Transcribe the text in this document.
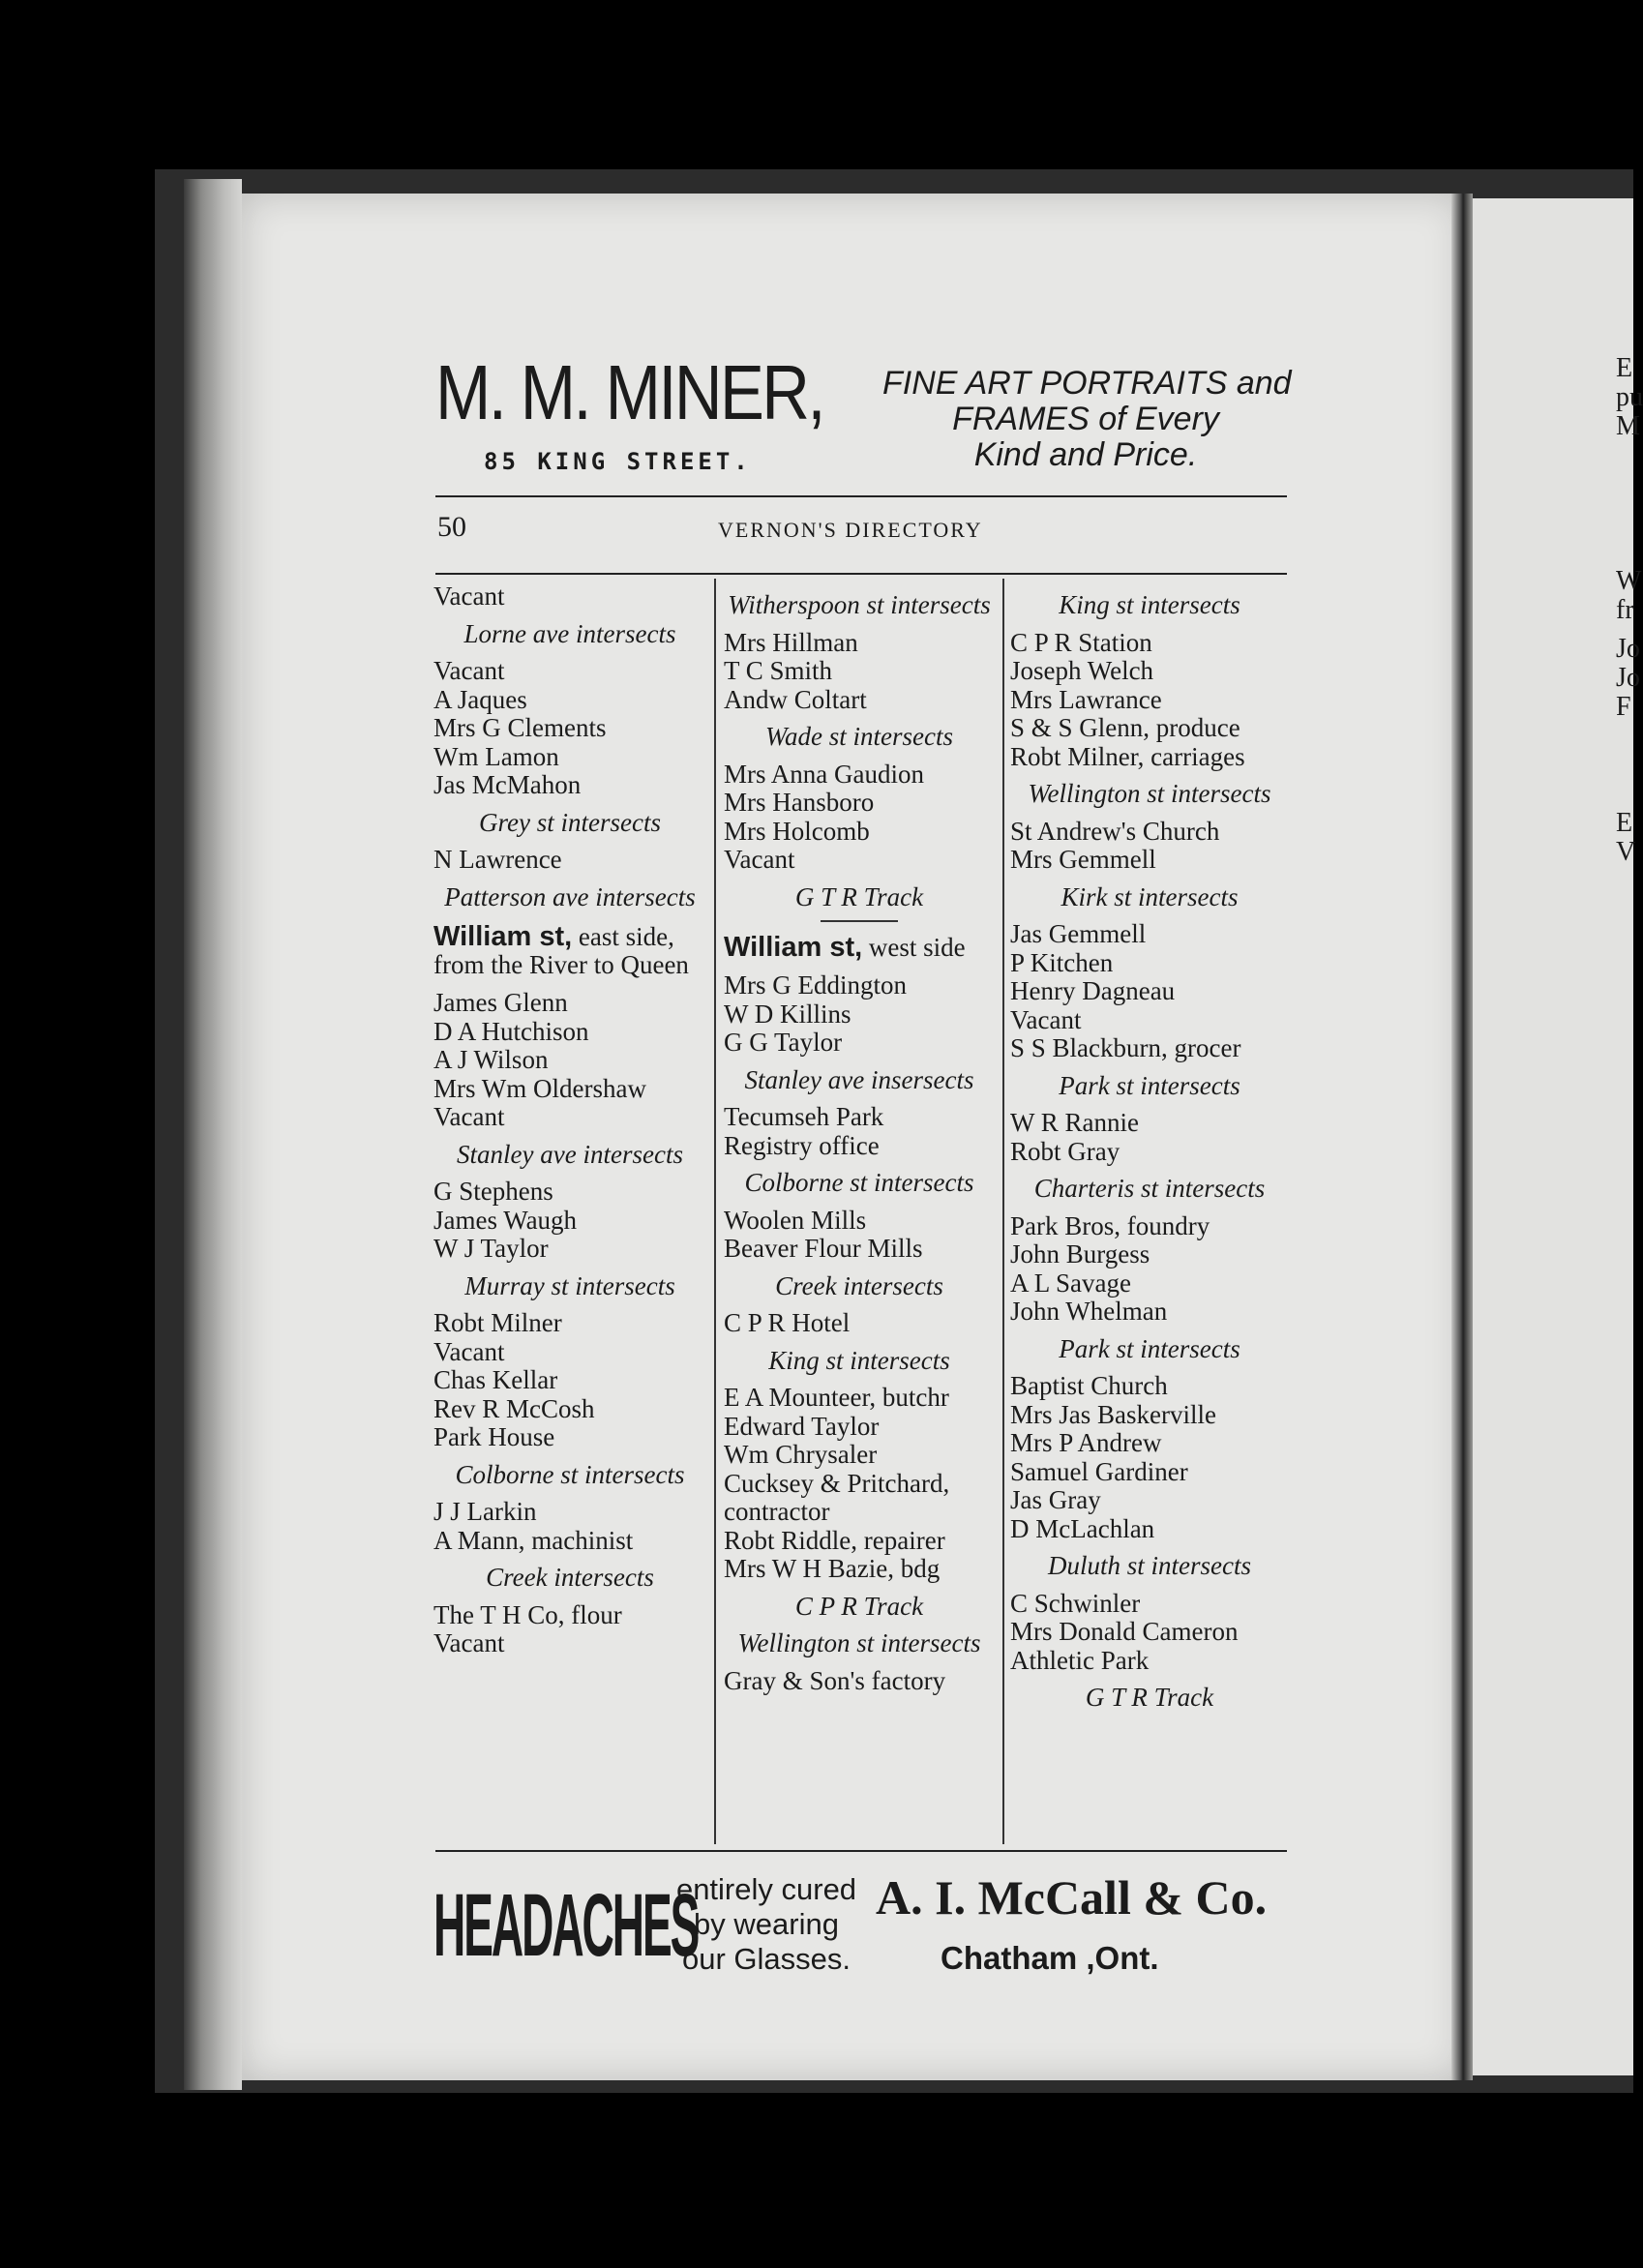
E
pu
M
W
fr
Jo
Jo
F
E
V
M. M. MINER,
85 KING STREET.
FINE ART PORTRAITS and
FRAMES of Every
Kind and Price.
50	VERNON'S DIRECTORY
Vacant
Lorne ave intersects
Vacant
A Jaques
Mrs G Clements
Wm Lamon
Jas McMahon
Grey st intersects
N Lawrence
Patterson ave intersects
William st, east side, from the River to Queen
James Glenn
D A Hutchison
A J Wilson
Mrs Wm Oldershaw
Vacant
Stanley ave intersects
G Stephens
James Waugh
W J Taylor
Murray st intersects
Robt Milner
Vacant
Chas Kellar
Rev R McCosh
Park House
Colborne st intersects
J J Larkin
A Mann, machinist
Creek intersects
The T H Co, flour
Vacant
Witherspoon st intersects
Mrs Hillman
T C Smith
Andw Coltart
Wade st intersects
Mrs Anna Gaudion
Mrs Hansboro
Mrs Holcomb
Vacant
G T R Track
William st, west side
Mrs G Eddington
W D Killins
G G Taylor
Stanley ave insersects
Tecumseh Park
Registry office
Colborne st intersects
Woolen Mills
Beaver Flour Mills
Creek intersects
C P R Hotel
King st intersects
E A Mounteer, butchr
Edward Taylor
Wm Chrysaler
Cucksey & Pritchard,
contractor
Robt Riddle, repairer
Mrs W H Bazie, bdg
C P R Track
Wellington st intersects
Gray & Son's factory
King st intersects
C P R Station
Joseph Welch
Mrs Lawrance
S & S Glenn, produce
Robt Milner, carriages
Wellington st intersects
St Andrew's Church
Mrs Gemmell
Kirk st intersects
Jas Gemmell
P Kitchen
Henry Dagneau
Vacant
S S Blackburn, grocer
Park st intersects
W R Rannie
Robt Gray
Charteris st intersects
Park Bros, foundry
John Burgess
A L Savage
John Whelman
Park st intersects
Baptist Church
Mrs Jas Baskerville
Mrs P Andrew
Samuel Gardiner
Jas Gray
D McLachlan
Duluth st intersects
C Schwinler
Mrs Donald Cameron
Athletic Park
G T R Track
HEADACHES
entirely cured
by wearing
our Glasses.
A. I. McCall & Co.
Chatham ,Ont.
